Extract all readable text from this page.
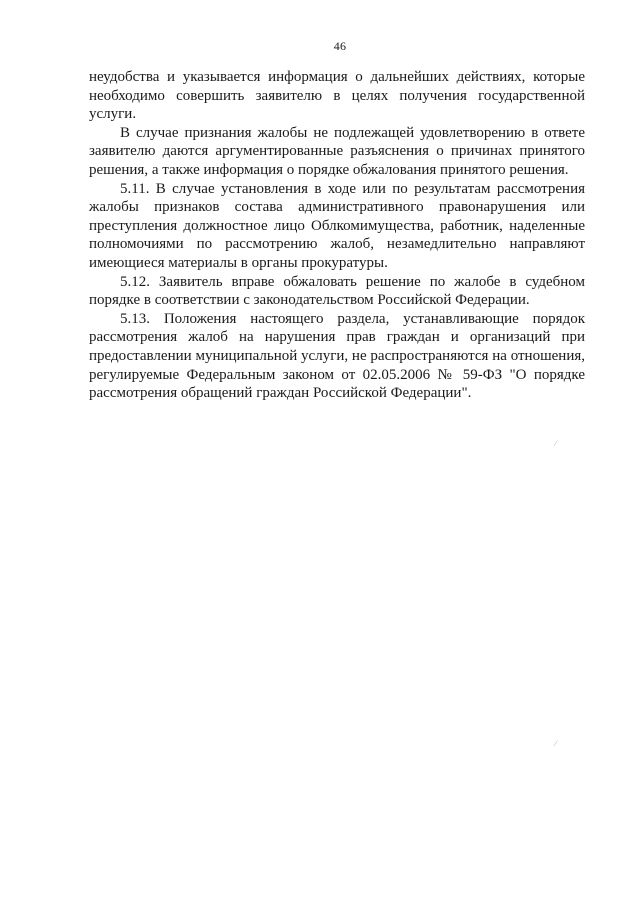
46

неудобства и указывается информация о дальнейших действиях, которые необходимо совершить заявителю в целях получения государственной услуги.

В случае признания жалобы не подлежащей удовлетворению в ответе заявителю даются аргументированные разъяснения о причинах принятого решения, а также информация о порядке обжалования принятого решения.

5.11. В случае установления в ходе или по результатам рассмотрения жалобы признаков состава административного правонарушения или преступления должностное лицо Облкомимущества, работник, наделенные полномочиями по рассмотрению жалоб, незамедлительно направляют имеющиеся материалы в органы прокуратуры.

5.12. Заявитель вправе обжаловать решение по жалобе в судебном порядке в соответствии с законодательством Российской Федерации.

5.13. Положения настоящего раздела, устанавливающие порядок рассмотрения жалоб на нарушения прав граждан и организаций при предоставлении муниципальной услуги, не распространяются на отношения, регулируемые Федеральным законом от 02.05.2006 № 59-ФЗ "О порядке рассмотрения обращений граждан Российской Федерации".

⁄
⁄
